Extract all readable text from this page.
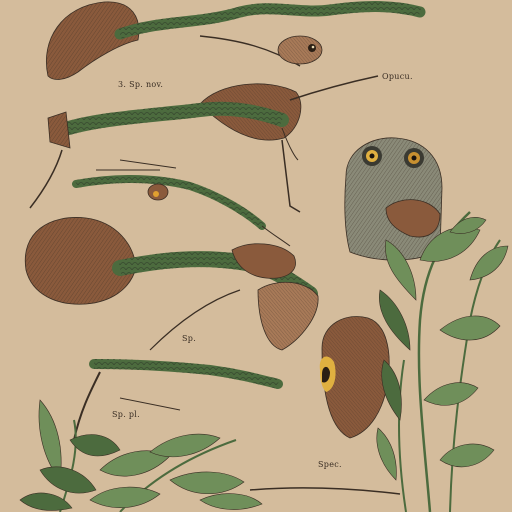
3. Sp. nov.
Opucu.
Sp.
Sp. pl.
Spec.
